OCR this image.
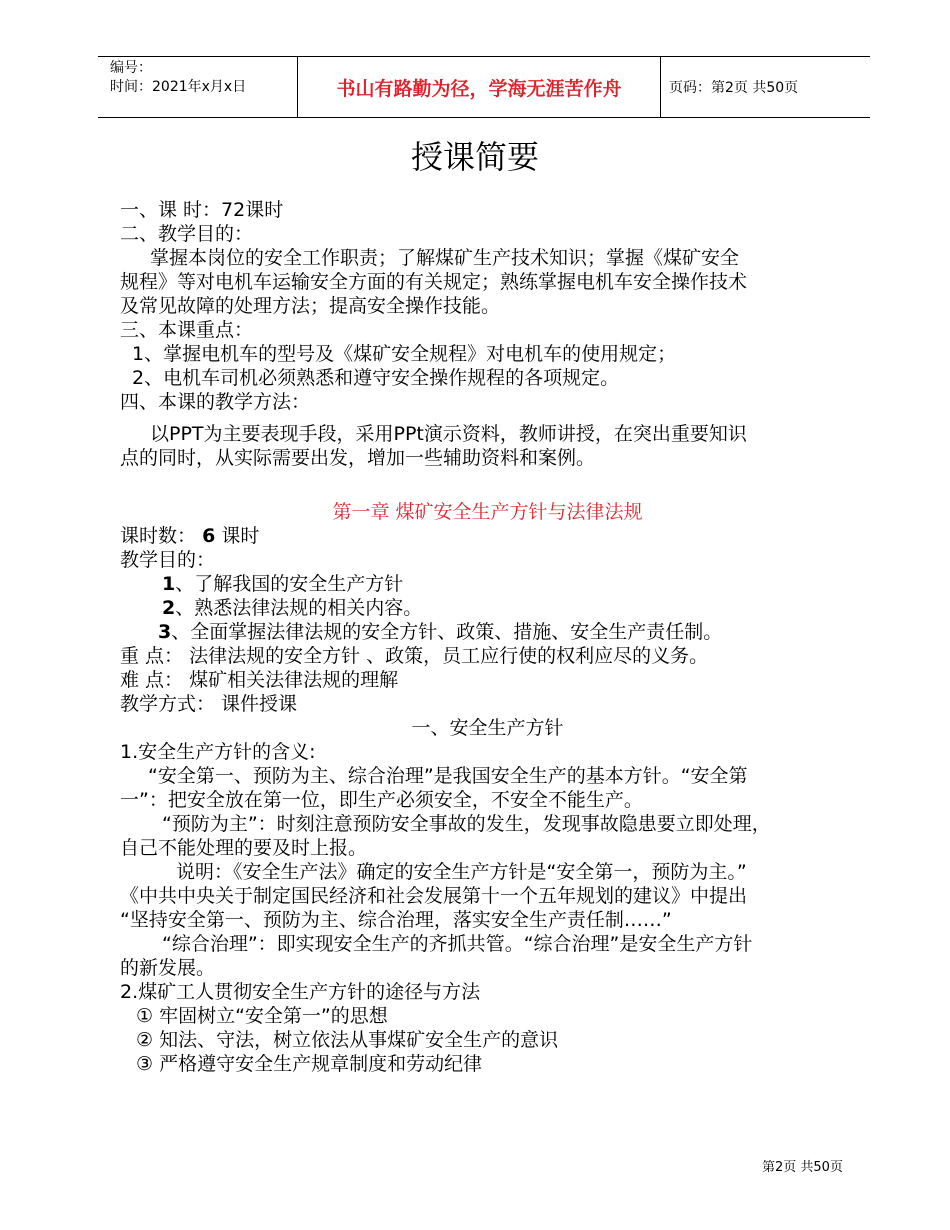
编号：
时间：2021年x月x日	书山有路勤为径，学海无涯苦作舟	页码：第2页 共50页
授课简要

一、课 时：72课时

二、教学目的：

掌握本岗位的安全工作职责；了解煤矿生产技术知识；掌握《煤矿安全

规程》等对电机车运输安全方面的有关规定；熟练掌握电机车安全操作技术

及常见故障的处理方法；提高安全操作技能。

三、本课重点：

1、掌握电机车的型号及《煤矿安全规程》对电机车的使用规定；

2、电机车司机必须熟悉和遵守安全操作规程的各项规定。

四、本课的教学方法：

以PPT为主要表现手段，采用PPt演示资料，教师讲授，在突出重要知识

点的同时，从实际需要出发，增加一些辅助资料和案例。

第一章 煤矿安全生产方针与法律法规

课时数： 6 课时

教学目的：

1、了解我国的安全生产方针

2、熟悉法律法规的相关内容。

3、全面掌握法律法规的安全方针、政策、措施、安全生产责任制。

重 点： 法律法规的安全方针 、政策，员工应行使的权利应尽的义务。

难 点： 煤矿相关法律法规的理解

教学方式： 课件授课

一、安全生产方针

1.安全生产方针的含义:

“安全第一、预防为主、综合治理”是我国安全生产的基本方针。“安全第

一”：把安全放在第一位，即生产必须安全，不安全不能生产。

“预防为主”：时刻注意预防安全事故的发生，发现事故隐患要立即处理，

自己不能处理的要及时上报。

说明：《安全生产法》确定的安全生产方针是“安全第一，预防为主。”

《中共中央关于制定国民经济和社会发展第十一个五年规划的建议》中提出

“坚持安全第一、预防为主、综合治理，落实安全生产责任制……”

“综合治理”：即实现安全生产的齐抓共管。“综合治理”是安全生产方针

的新发展。

2.煤矿工人贯彻安全生产方针的途径与方法

① 牢固树立“安全第一”的思想

② 知法、守法，树立依法从事煤矿安全生产的意识

③ 严格遵守安全生产规章制度和劳动纪律

第2页 共50页
